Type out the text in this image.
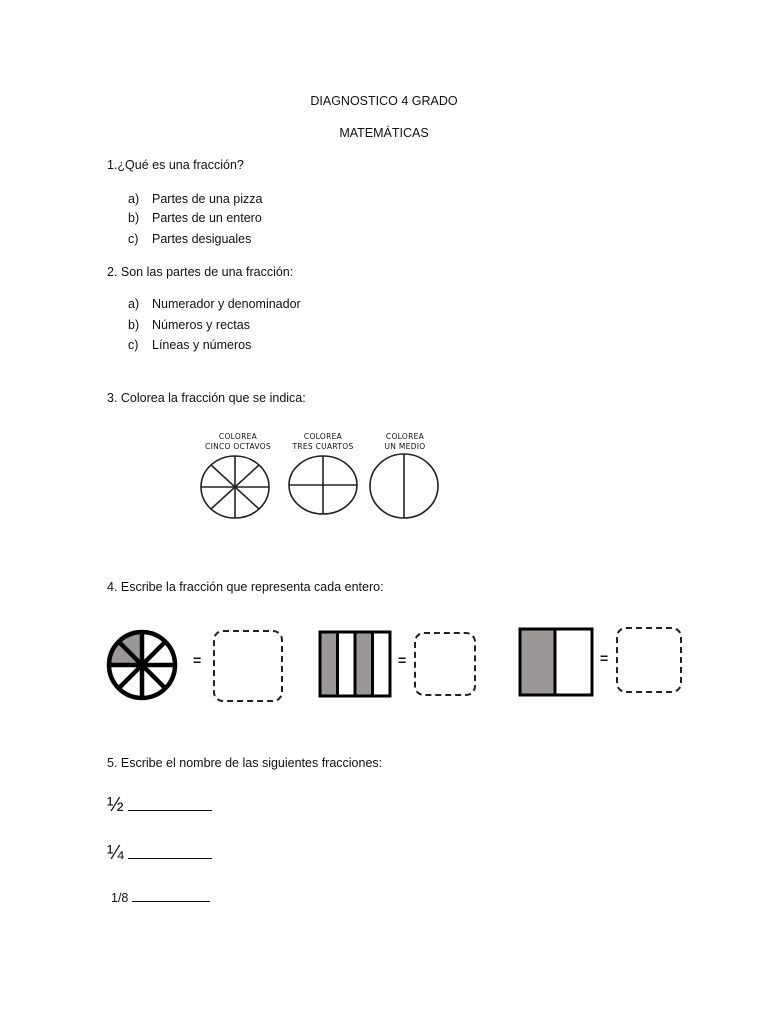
DIAGNOSTICO 4 GRADO
MATEMÁTICAS
1.¿Qué es una fracción?
a) Partes de una pizza
b) Partes de un entero
c) Partes desiguales
2. Son las partes de una fracción:
a) Numerador y denominador
b) Números y rectas
c) Líneas y números
3. Colorea la fracción que se indica:
COLOREA
CINCO OCTAVOS
COLOREA
TRES CUARTOS
COLOREA
UN MEDIO
4. Escribe la fracción que representa cada entero:
=	=	=
5. Escribe el nombre de las siguientes fracciones:
½
¼
1/8
